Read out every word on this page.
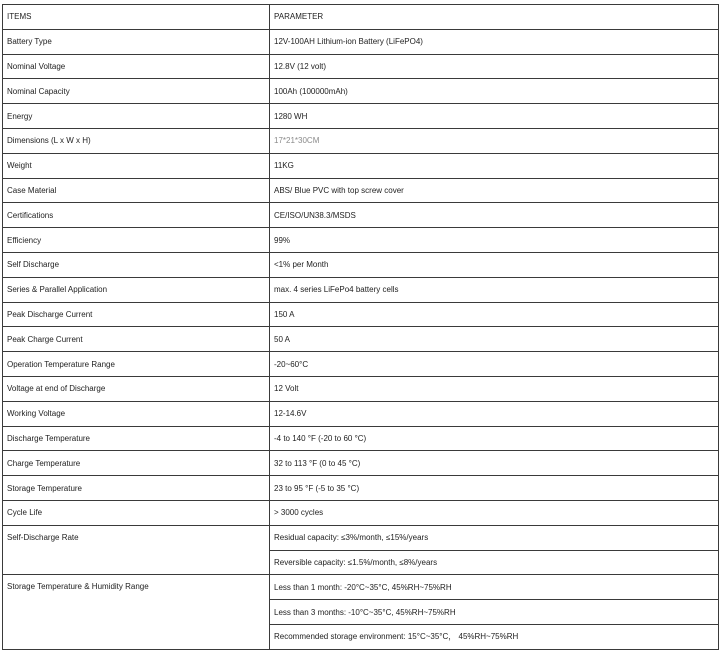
ITEMS	PARAMETER
Battery Type	12V-100AH Lithium-ion Battery (LiFePO4)
Nominal Voltage	12.8V (12 volt)
Nominal Capacity	100Ah (100000mAh)
Energy	1280 WH
Dimensions (L x W x H)	17*21*30CM
Weight	11KG
Case Material	ABS/ Blue PVC with top screw cover
Certifications	CE/ISO/UN38.3/MSDS
Efficiency	99%
Self Discharge	<1% per Month
Series & Parallel Application	max. 4 series LiFePo4 battery cells
Peak Discharge Current	150 A
Peak Charge Current	50 A
Operation Temperature Range	-20~60°C
Voltage at end of Discharge	12 Volt
Working Voltage	12-14.6V
Discharge Temperature	-4 to 140 °F (-20 to 60 °C)
Charge Temperature	32 to 113 °F (0 to 45 °C)
Storage Temperature	23 to 95 °F (-5 to 35 °C)
Cycle Life	> 3000 cycles
Self-Discharge Rate	Residual capacity: ≤3%/month, ≤15%/years
	Reversible capacity: ≤1.5%/month, ≤8%/years
Storage Temperature & Humidity Range	Less than 1 month: -20°C~35°C, 45%RH~75%RH
	Less than 3 months: -10°C~35°C, 45%RH~75%RH
	Recommended storage environment: 15°C~35°C， 45%RH~75%RH
